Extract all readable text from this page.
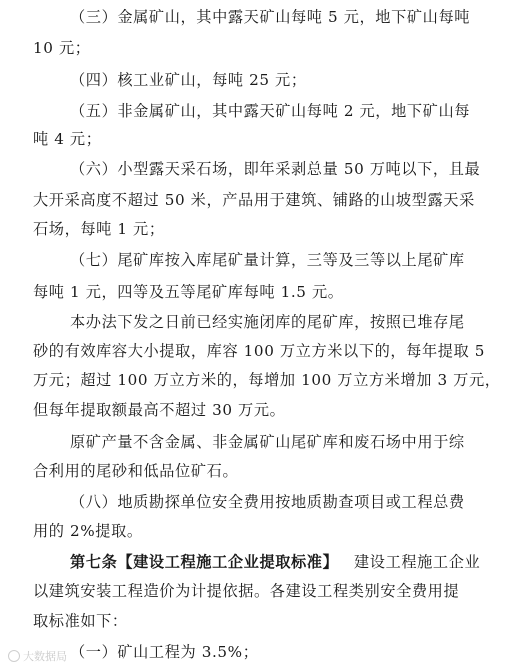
（三）金属矿山，其中露天矿山每吨 5 元，地下矿山每吨
10 元；
（四）核工业矿山，每吨 25 元；
（五）非金属矿山，其中露天矿山每吨 2 元，地下矿山每
吨 4 元；
（六）小型露天采石场，即年采剥总量 50 万吨以下，且最
大开采高度不超过 50 米，产品用于建筑、铺路的山坡型露天采
石场，每吨 1 元；
（七）尾矿库按入库尾矿量计算，三等及三等以上尾矿库
每吨 1 元，四等及五等尾矿库每吨 1.5 元。
本办法下发之日前已经实施闭库的尾矿库，按照已堆存尾
砂的有效库容大小提取，库容 100 万立方米以下的，每年提取 5
万元；超过 100 万立方米的，每增加 100 万立方米增加 3 万元，
但每年提取额最高不超过 30 万元。
原矿产量不含金属、非金属矿山尾矿库和废石场中用于综
合利用的尾砂和低品位矿石。
（八）地质勘探单位安全费用按地质勘查项目或工程总费
用的 2%提取。
第七条【建设工程施工企业提取标准】 建设工程施工企业
以建筑安装工程造价为计提依据。各建设工程类别安全费用提
取标准如下：
（一）矿山工程为 3.5%；
大数据局
